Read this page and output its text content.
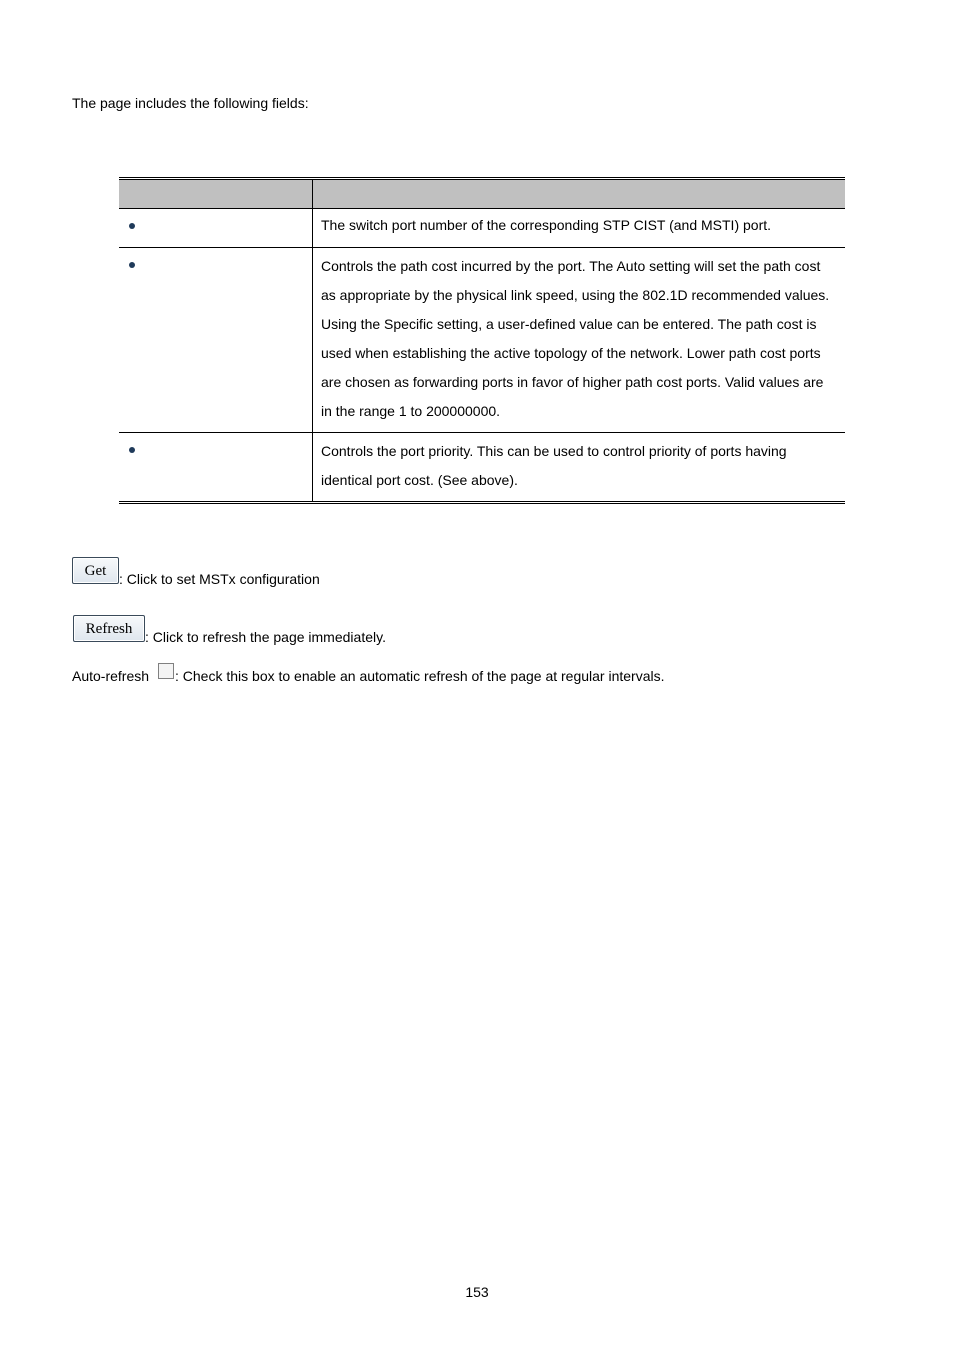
The page includes the following fields:

	The switch port number of the corresponding STP CIST (and MSTI) port.

	Controls the path cost incurred by the port. The Auto setting will set the path cost as appropriate by the physical link speed, using the 802.1D recommended values. Using the Specific setting, a user-defined value can be entered. The path cost is used when establishing the active topology of the network. Lower path cost ports are chosen as forwarding ports in favor of higher path cost ports. Valid values are in the range 1 to 200000000.

	Controls the port priority. This can be used to control priority of ports having identical port cost. (See above).
Get
: Click to set MSTx configuration
Refresh
: Click to refresh the page immediately.
Auto-refresh : Check this box to enable an automatic refresh of the page at regular intervals.
153
